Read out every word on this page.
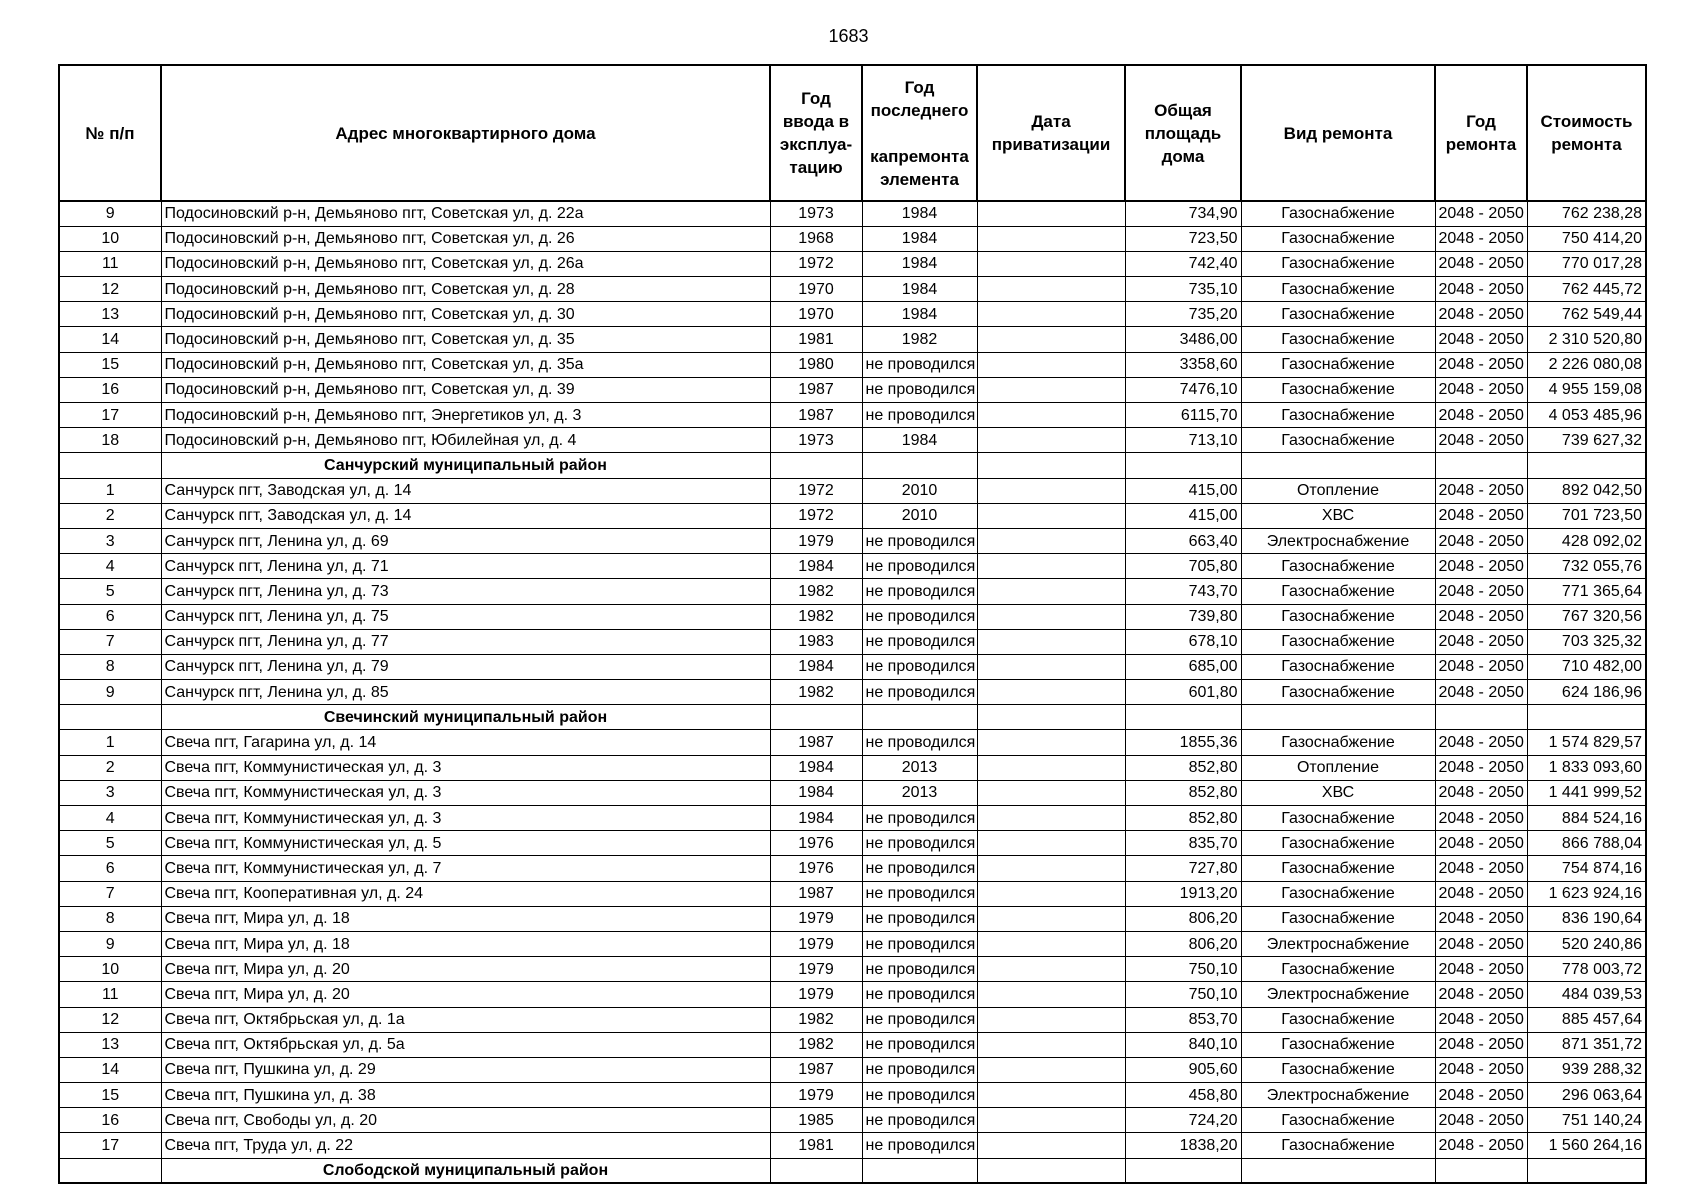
1683
№ п/п	Адрес многоквартирного дома	Год ввода в эксплуа-тацию	Год последнего
капремонта элемента	Дата приватизации	Общая площадь дома	Вид ремонта	Год ремонта	Стоимость ремонта
9	Подосиновский р-н, Демьяново пгт, Советская ул, д. 22а	1973	1984		734,90	Газоснабжение	2048 - 2050	762 238,28
10	Подосиновский р-н, Демьяново пгт, Советская ул, д. 26	1968	1984		723,50	Газоснабжение	2048 - 2050	750 414,20
11	Подосиновский р-н, Демьяново пгт, Советская ул, д. 26а	1972	1984		742,40	Газоснабжение	2048 - 2050	770 017,28
12	Подосиновский р-н, Демьяново пгт, Советская ул, д. 28	1970	1984		735,10	Газоснабжение	2048 - 2050	762 445,72
13	Подосиновский р-н, Демьяново пгт, Советская ул, д. 30	1970	1984		735,20	Газоснабжение	2048 - 2050	762 549,44
14	Подосиновский р-н, Демьяново пгт, Советская ул, д. 35	1981	1982		3486,00	Газоснабжение	2048 - 2050	2 310 520,80
15	Подосиновский р-н, Демьяново пгт, Советская ул, д. 35а	1980	не проводился		3358,60	Газоснабжение	2048 - 2050	2 226 080,08
16	Подосиновский р-н, Демьяново пгт, Советская ул, д. 39	1987	не проводился		7476,10	Газоснабжение	2048 - 2050	4 955 159,08
17	Подосиновский р-н, Демьяново пгт, Энергетиков ул, д. 3	1987	не проводился		6115,70	Газоснабжение	2048 - 2050	4 053 485,96
18	Подосиновский р-н, Демьяново пгт, Юбилейная ул, д. 4	1973	1984		713,10	Газоснабжение	2048 - 2050	739 627,32
	Санчурский муниципальный район							
1	Санчурск пгт, Заводская ул, д. 14	1972	2010		415,00	Отопление	2048 - 2050	892 042,50
2	Санчурск пгт, Заводская ул, д. 14	1972	2010		415,00	ХВС	2048 - 2050	701 723,50
3	Санчурск пгт, Ленина ул, д. 69	1979	не проводился		663,40	Электроснабжение	2048 - 2050	428 092,02
4	Санчурск пгт, Ленина ул, д. 71	1984	не проводился		705,80	Газоснабжение	2048 - 2050	732 055,76
5	Санчурск пгт, Ленина ул, д. 73	1982	не проводился		743,70	Газоснабжение	2048 - 2050	771 365,64
6	Санчурск пгт, Ленина ул, д. 75	1982	не проводился		739,80	Газоснабжение	2048 - 2050	767 320,56
7	Санчурск пгт, Ленина ул, д. 77	1983	не проводился		678,10	Газоснабжение	2048 - 2050	703 325,32
8	Санчурск пгт, Ленина ул, д. 79	1984	не проводился		685,00	Газоснабжение	2048 - 2050	710 482,00
9	Санчурск пгт, Ленина ул, д. 85	1982	не проводился		601,80	Газоснабжение	2048 - 2050	624 186,96
	Свечинский муниципальный район							
1	Свеча пгт, Гагарина ул, д. 14	1987	не проводился		1855,36	Газоснабжение	2048 - 2050	1 574 829,57
2	Свеча пгт, Коммунистическая ул, д. 3	1984	2013		852,80	Отопление	2048 - 2050	1 833 093,60
3	Свеча пгт, Коммунистическая ул, д. 3	1984	2013		852,80	ХВС	2048 - 2050	1 441 999,52
4	Свеча пгт, Коммунистическая ул, д. 3	1984	не проводился		852,80	Газоснабжение	2048 - 2050	884 524,16
5	Свеча пгт, Коммунистическая ул, д. 5	1976	не проводился		835,70	Газоснабжение	2048 - 2050	866 788,04
6	Свеча пгт, Коммунистическая ул, д. 7	1976	не проводился		727,80	Газоснабжение	2048 - 2050	754 874,16
7	Свеча пгт, Кооперативная ул, д. 24	1987	не проводился		1913,20	Газоснабжение	2048 - 2050	1 623 924,16
8	Свеча пгт, Мира ул, д. 18	1979	не проводился		806,20	Газоснабжение	2048 - 2050	836 190,64
9	Свеча пгт, Мира ул, д. 18	1979	не проводился		806,20	Электроснабжение	2048 - 2050	520 240,86
10	Свеча пгт, Мира ул, д. 20	1979	не проводился		750,10	Газоснабжение	2048 - 2050	778 003,72
11	Свеча пгт, Мира ул, д. 20	1979	не проводился		750,10	Электроснабжение	2048 - 2050	484 039,53
12	Свеча пгт, Октябрьская ул, д. 1а	1982	не проводился		853,70	Газоснабжение	2048 - 2050	885 457,64
13	Свеча пгт, Октябрьская ул, д. 5а	1982	не проводился		840,10	Газоснабжение	2048 - 2050	871 351,72
14	Свеча пгт, Пушкина ул, д. 29	1987	не проводился		905,60	Газоснабжение	2048 - 2050	939 288,32
15	Свеча пгт, Пушкина ул, д. 38	1979	не проводился		458,80	Электроснабжение	2048 - 2050	296 063,64
16	Свеча пгт, Свободы ул, д. 20	1985	не проводился		724,20	Газоснабжение	2048 - 2050	751 140,24
17	Свеча пгт, Труда ул, д. 22	1981	не проводился		1838,20	Газоснабжение	2048 - 2050	1 560 264,16
	Слободской муниципальный район							
